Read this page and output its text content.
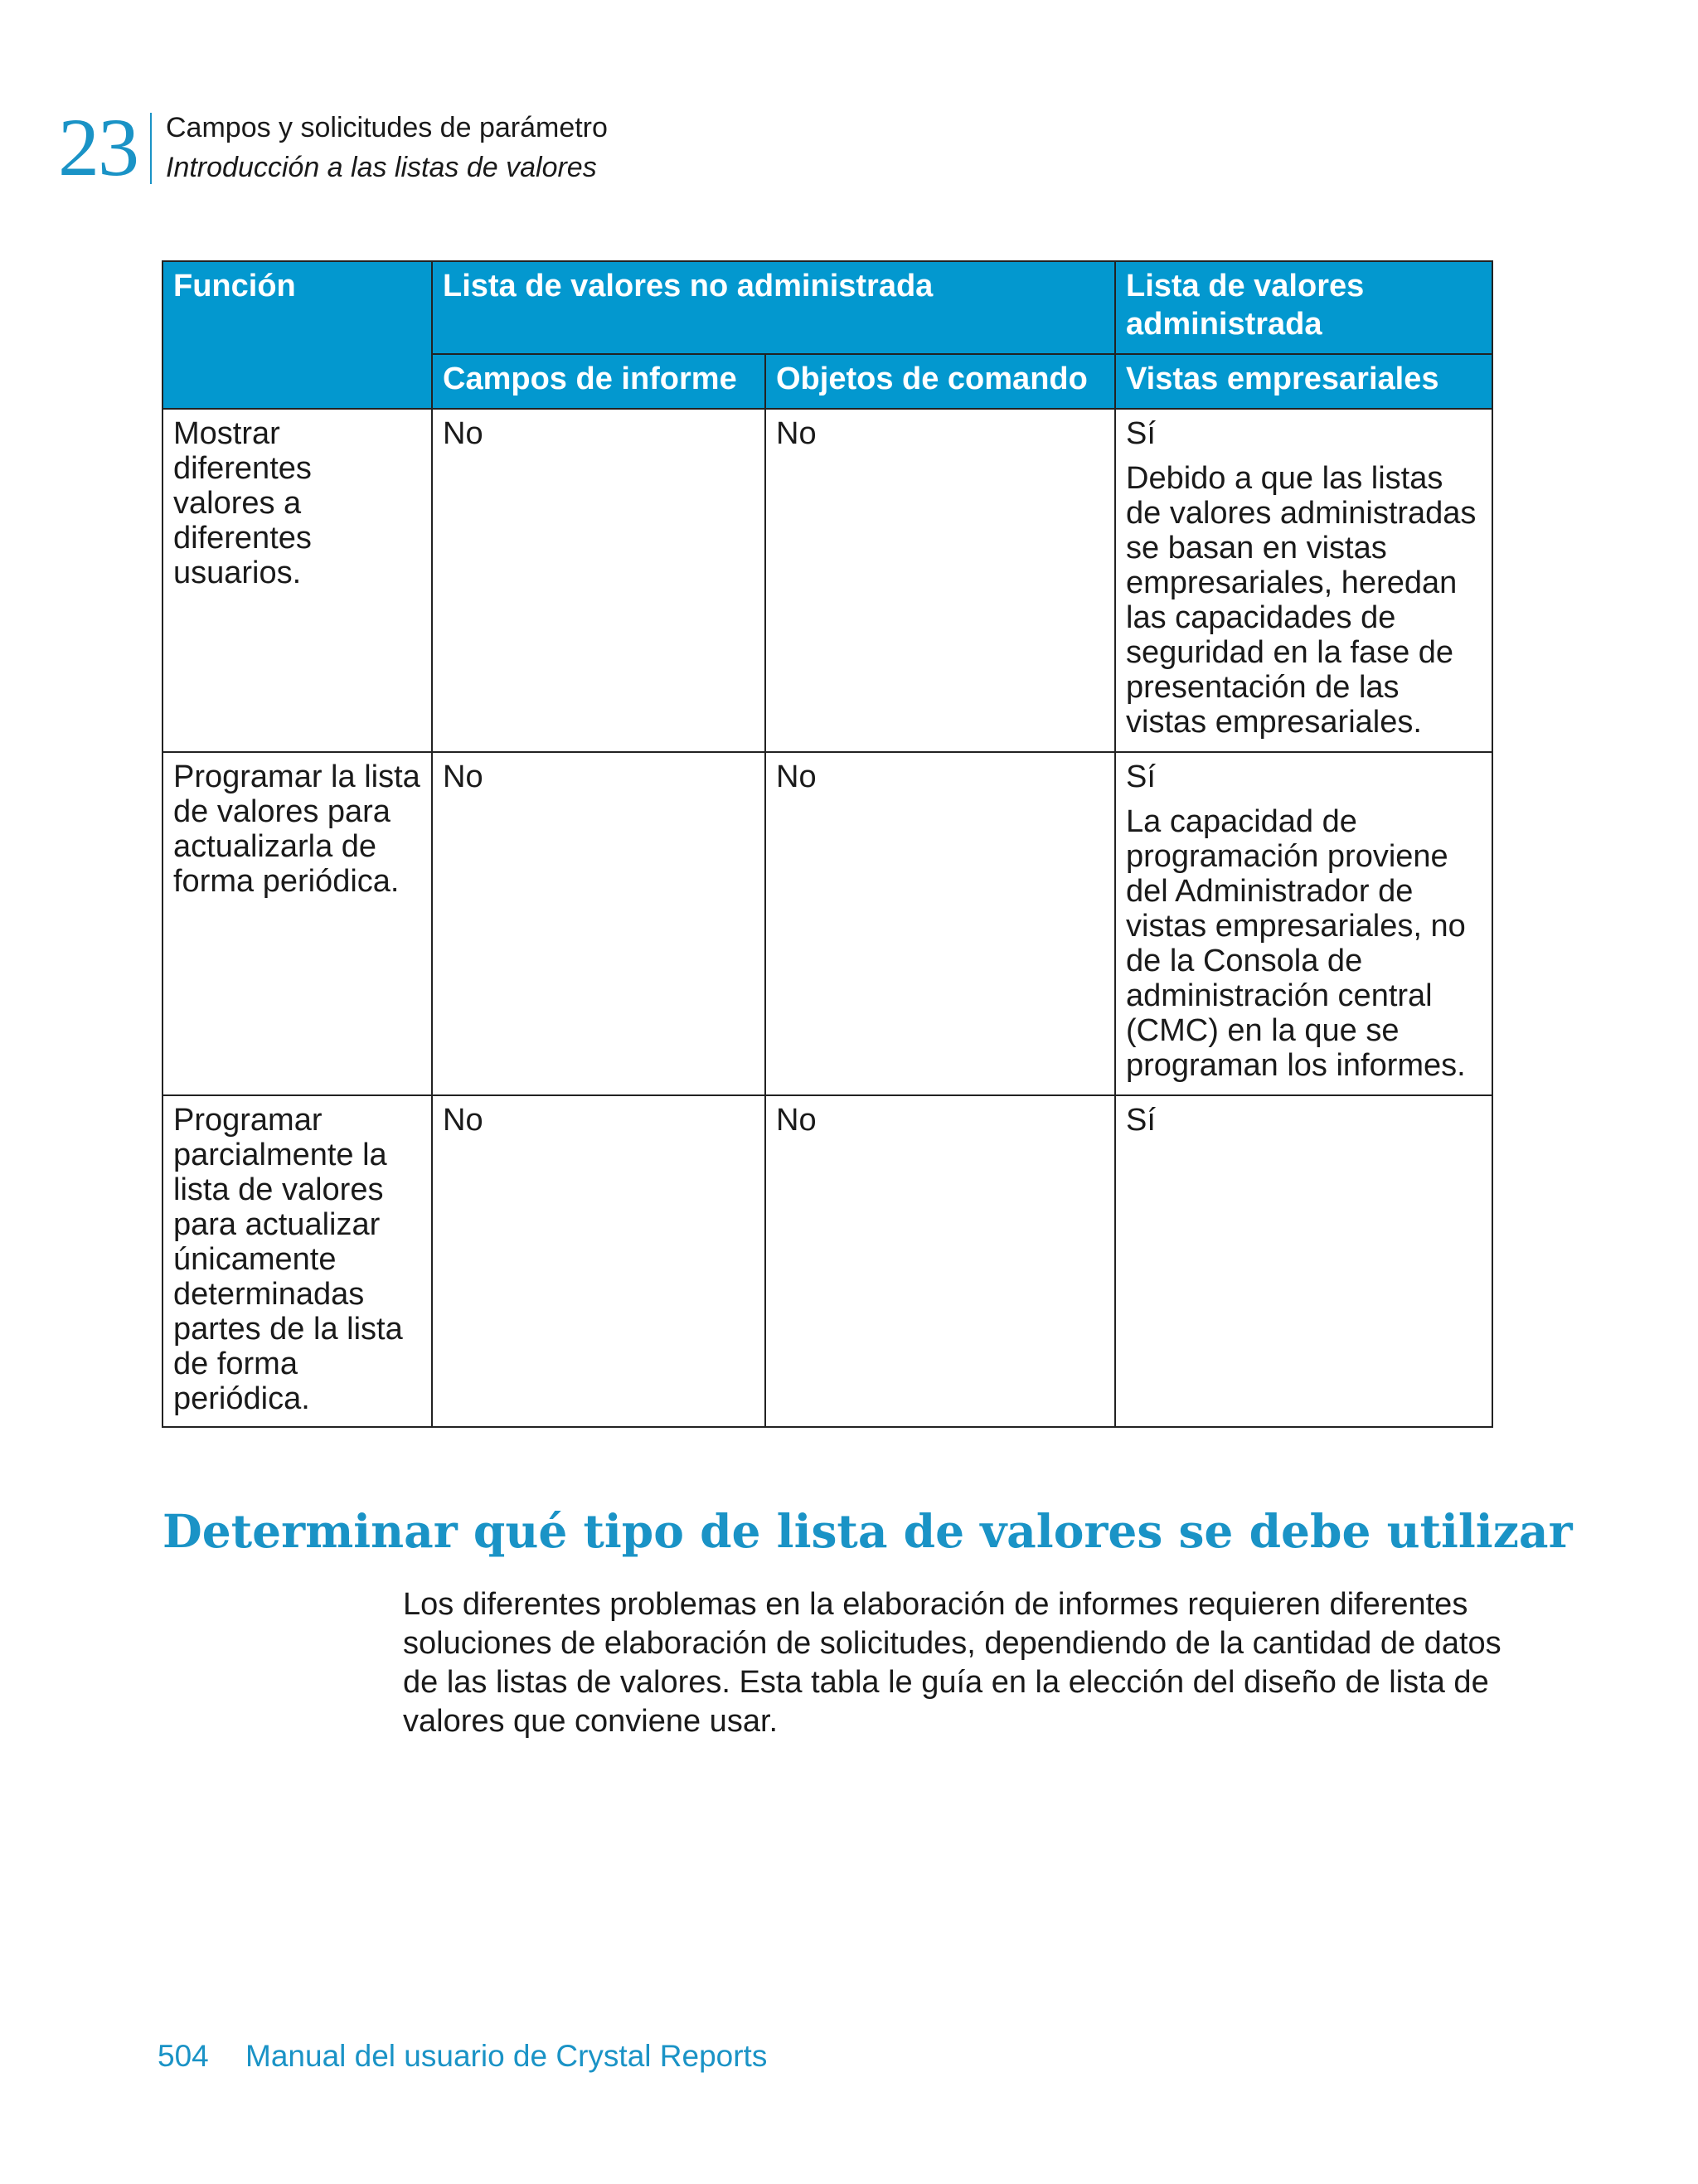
23 Campos y solicitudes de parámetro
Introducción a las listas de valores
Función	Lista de valores no administrada		Lista de valores administrada
	Campos de informe	Objetos de comando	Vistas empresariales
Mostrar diferentes valores a diferentes usuarios.	No	No	Sí
Debido a que las listas de valores administradas se basan en vistas empresariales, heredan las capacidades de seguridad en la fase de presentación de las vistas empresariales.

Programar la lista de valores para actualizarla de forma periódica.	No	No	Sí
La capacidad de programación proviene del Administrador de vistas empresariales, no de la Consola de administración central (CMC) en la que se programan los informes.

Programar parcialmente la lista de valores para actualizar únicamente determinadas partes de la lista de forma periódica.	No	No	Sí
Determinar qué tipo de lista de valores se debe utilizar

Los diferentes problemas en la elaboración de informes requieren diferentes soluciones de elaboración de solicitudes, dependiendo de la cantidad de datos de las listas de valores. Esta tabla le guía en la elección del diseño de lista de valores que conviene usar.

504 Manual del usuario de Crystal Reports
